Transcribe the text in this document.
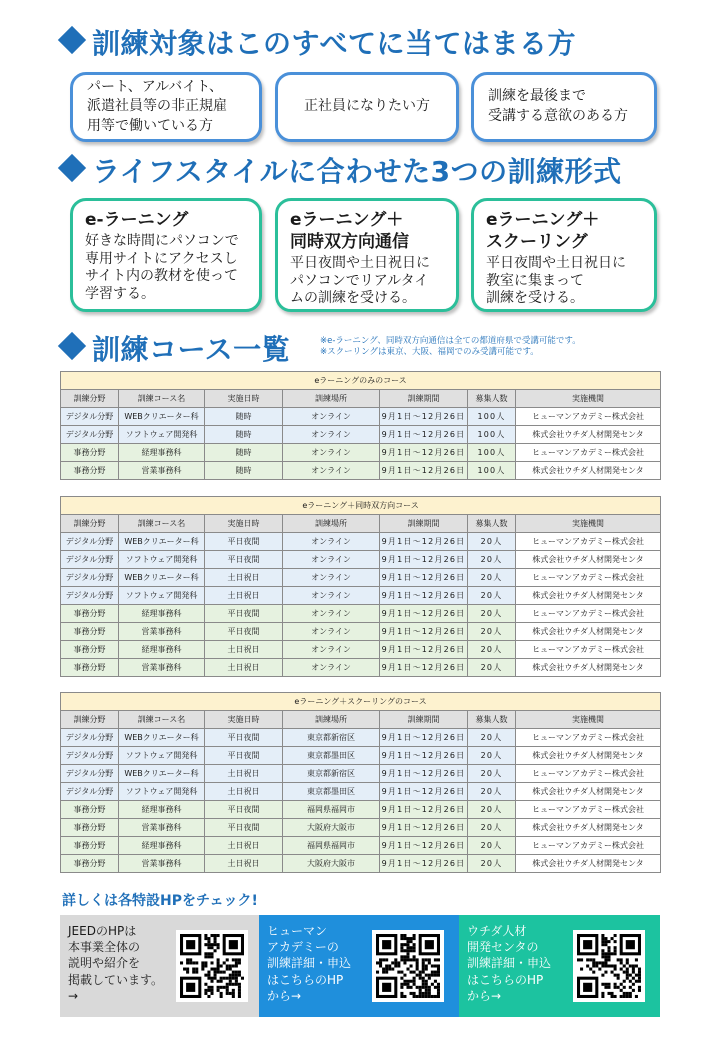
訓練対象はこのすべてに当てはまる方
ライフスタイルに合わせた3つの訓練形式
訓練コース一覧
パート、アルバイト、
派遣社員等の非正規雇
用等で働いている方
正社員になりたい方
訓練を最後まで
受講する意欲のある方
e-ラーニング
好きな時間にパソコンで
専用サイトにアクセスし
サイト内の教材を使って
学習する。
eラーニング＋
同時双方向通信
平日夜間や土日祝日に
パソコンでリアルタイ
ムの訓練を受ける。
eラーニング＋
スクーリング
平日夜間や土日祝日に
教室に集まって
訓練を受ける。
※e-ラーニング、同時双方向通信は全ての都道府県で受講可能です。
※スクーリングは東京、大阪、福岡でのみ受講可能です。
eラーニングのみのコース						
訓練分野	訓練コース名	実施日時	訓練場所	訓練期間	募集人数	実施機関
デジタル分野	WEBクリエーター科	随時	オンライン	9月1日～12月26日	100人	ヒューマンアカデミー株式会社
デジタル分野	ソフトウェア開発科	随時	オンライン	9月1日～12月26日	100人	株式会社ウチダ人材開発センタ
事務分野	経理事務科	随時	オンライン	9月1日～12月26日	100人	ヒューマンアカデミー株式会社
事務分野	営業事務科	随時	オンライン	9月1日～12月26日	100人	株式会社ウチダ人材開発センタ
eラーニング＋同時双方向コース						
訓練分野	訓練コース名	実施日時	訓練場所	訓練期間	募集人数	実施機関
デジタル分野	WEBクリエーター科	平日夜間	オンライン	9月1日～12月26日	20人	ヒューマンアカデミー株式会社
デジタル分野	ソフトウェア開発科	平日夜間	オンライン	9月1日～12月26日	20人	株式会社ウチダ人材開発センタ
デジタル分野	WEBクリエーター科	土日祝日	オンライン	9月1日～12月26日	20人	ヒューマンアカデミー株式会社
デジタル分野	ソフトウェア開発科	土日祝日	オンライン	9月1日～12月26日	20人	株式会社ウチダ人材開発センタ
事務分野	経理事務科	平日夜間	オンライン	9月1日～12月26日	20人	ヒューマンアカデミー株式会社
事務分野	営業事務科	平日夜間	オンライン	9月1日～12月26日	20人	株式会社ウチダ人材開発センタ
事務分野	経理事務科	土日祝日	オンライン	9月1日～12月26日	20人	ヒューマンアカデミー株式会社
事務分野	営業事務科	土日祝日	オンライン	9月1日～12月26日	20人	株式会社ウチダ人材開発センタ
eラーニング＋スクーリングのコース						
訓練分野	訓練コース名	実施日時	訓練場所	訓練期間	募集人数	実施機関
デジタル分野	WEBクリエーター科	平日夜間	東京都新宿区	9月1日～12月26日	20人	ヒューマンアカデミー株式会社
デジタル分野	ソフトウェア開発科	平日夜間	東京都墨田区	9月1日～12月26日	20人	株式会社ウチダ人材開発センタ
デジタル分野	WEBクリエーター科	土日祝日	東京都新宿区	9月1日～12月26日	20人	ヒューマンアカデミー株式会社
デジタル分野	ソフトウェア開発科	土日祝日	東京都墨田区	9月1日～12月26日	20人	株式会社ウチダ人材開発センタ
事務分野	経理事務科	平日夜間	福岡県福岡市	9月1日～12月26日	20人	ヒューマンアカデミー株式会社
事務分野	営業事務科	平日夜間	大阪府大阪市	9月1日～12月26日	20人	株式会社ウチダ人材開発センタ
事務分野	経理事務科	土日祝日	福岡県福岡市	9月1日～12月26日	20人	ヒューマンアカデミー株式会社
事務分野	営業事務科	土日祝日	大阪府大阪市	9月1日～12月26日	20人	株式会社ウチダ人材開発センタ
詳しくは各特設HPをチェック!
JEEDのHPは
本事業全体の
説明や紹介を
掲載しています。
→
ヒューマン
アカデミーの
訓練詳細・申込
はこちらのHP
から→
ウチダ人材
開発センタの
訓練詳細・申込
はこちらのHP
から→
